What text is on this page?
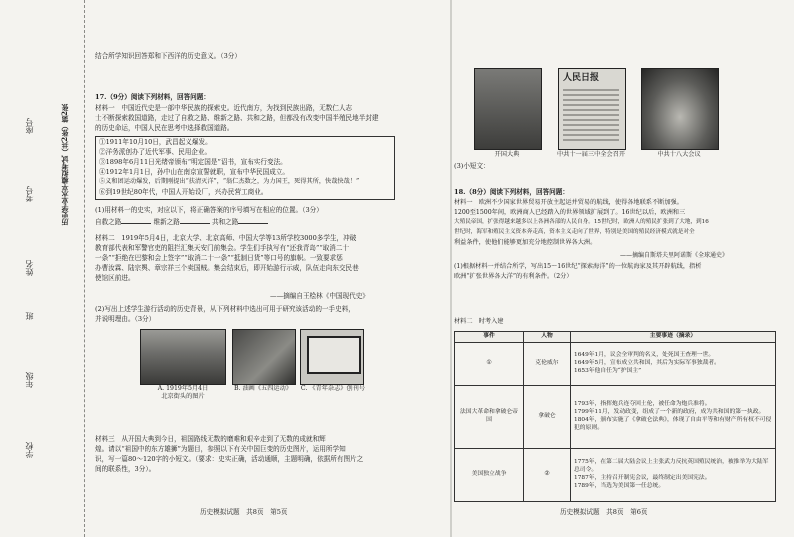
学校
年级
班
姓名
考号
座号	历史学业水平模拟考试（共2张）第2张
结合所学知识回答郑和下西洋的历史意义。（3分）
17.（9分）阅读下列材料，回答问题：
材料一　中国近代史是一部中华民族的探索史。近代南方，为找到民族出路，无数仁人志
士不断探索救国道路，走过了自救之路、维新之路、共和之路，但都没有改变中国半殖民地半封建
的历史命运，中国人民在思考中选择救国道路。
①1911年10月10日，武昌起义爆发。
②洋务派创办了近代军事、民用企业。
③1898年6月11日光绪帝颁布“明定国是”诏书，宣布实行变法。
④1912年1月1日，孙中山在南京宣誓就职，宣布中华民国成立。
⑤义和团运动爆发，后期刚提出“扶清灭洋”，“翁仁杰数之，为力国王，死得其所，快哉快哉！”
⑥到19世纪80年代，中国人开始设厂，兴办民营工商业。
(1)用材料一的史实，对应以下，将正确答案的序号填写在相应的位置。（3分）
自救之路	维新之路	共和之路
材料二　1919年5月4日，北京大学、北京高师、中国大学等13所学校3000多学生，冲破
教育部代表和军警官吏的阻拦汇集天安门前集会。学生们手执写有“还我青岛”“取消二十
一条”“拒绝在巴黎和会上签字”“取消二十一条”“抵制日货”等口号的旗帜。一致要求惩
办曹汝霖、陆宗舆、章宗祥三个卖国贼。集会结束后，即开始游行示威，队伍走向东交民巷
使馆区前进。
——摘编自王桧林《中国现代史》
(2)写出上述学生游行活动的历史背景，从下列材料中选出可用于研究该活动的一手史料，
并说明理由。（3分）
A. 1919年5月4日
北京街头的图片
B. 油画《五四运动》	C. 《青年杂志》创刊号
材料三　从开国大典到今日，祖国路线无数的磨难和艰辛走到了无数的成就和辉
煌。请以“祖国中的东方雄狮”为题目，参照以下有关中国巨变的历史图片，运用所学知
识，写一篇80～120字的小短文。（要求：史实正确，活动通顺，主题明确，依据所有图片之
间的联系性，3分）。
历史模拟试题　共8页　第5页
人民日报
开国大典	中共十一届三中全会召开	中共十八大会议
(3)小短文：
18.（8分）阅读下列材料，回答问题：
材料一　欧洲不少国家世界贸易开放主起运并贸易的航线，使得各地联系不断加强。
1200至1500年间，欧洲商人已经踏入的世界领域扩展到了。16世纪以后，欧洲和三
大殖民帝国，扩张得越来越多以上各洲各部的人民自身。15世纪时，欧洲人的殖民扩张到了大地，到16
世纪时，海军和殖民主义资本奔走高，资本主义走向了世界，特别是美国的殖民经济模式就是对全
利益条件，使他们能够更加充分地控制世界各大洲。
——摘编自斯塔夫里阿诺斯《全球通史》
(1)根据材料一并结合所学，写出15～16世纪“探索海洋”的一位航海家及其开辟航线，指析
欧洲“扩张世界各大洋”的有利条件。（2分）
材料二　时考入建
事件	人物	主要事迹（摘录）
①	克伦威尔	1649年1月，议会全审判的名义，处死国王查理一世。
1649年5月，宣布成立共和国，其后为实际军事独裁者。
1653年他自任为“护国主”

法国大革命和拿破仑帝国	拿破仑	1793年，指挥炮兵连夺回土伦，被任命为炮兵准将。
1799年11月，发动政变，组成了一个新的政府，成为共和国的第一执政。
1804年，颁布实施了《拿破仑法典》，体现了自由平等和有财产所有权不可侵犯的原则。

美国独立战争	②	1775年，在第二届大陆会议上主张武力反抗英国殖民统治，被推举为大陆军总司令。
1787年，主持召开制宪会议，最终制定出美国宪法。
1789年，当选为美国第一任总统。
历史模拟试题　共8页　第6页
